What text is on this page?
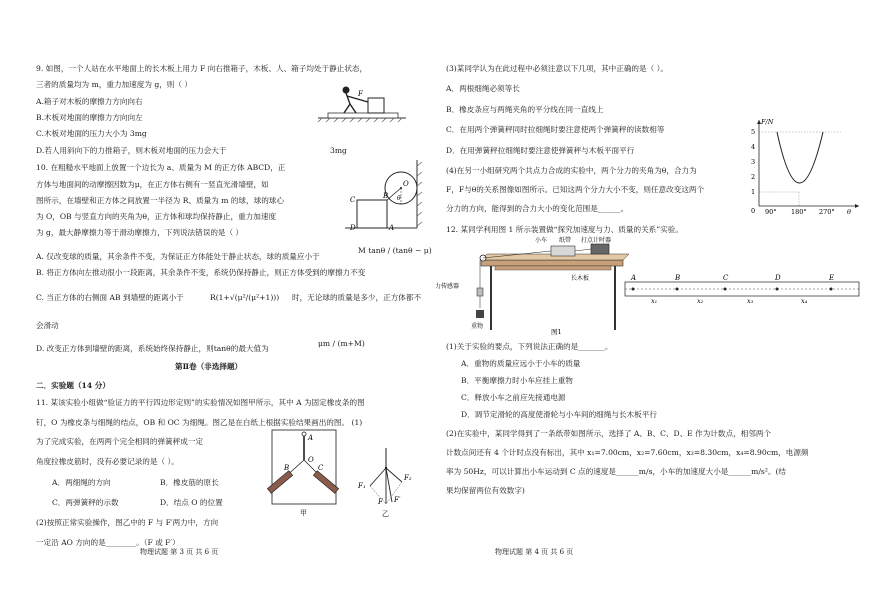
9. 如图，一个人站在水平地面上的长木板上用力 F 向右推箱子，木板、人、箱子均处于静止状态，
三者的质量均为 m，重力加速度为 g，则（ ）
A.箱子对木板的摩擦力方向向右
B.木板对地面的摩擦力方向向左
C.木板对地面的压力大小为 3mg
D.若人用斜向下的力推箱子，则木板对地面的压力会大于	3mg
F
10. 在粗糙水平地面上放置一个边长为 a、质量为 M 的正方体 ABCD，正
方体与地面间的动摩擦因数为μ，在正方体右侧有一竖直光滑墙壁，如
图所示，在墙壁和正方体之间放置一半径为 R、质量为 m 的球，球的球心
为 O，OB 与竖直方向的夹角为θ，正方体和球均保持静止，重力加速度
为 g，最大静摩擦力等于滑动摩擦力，下列说法错误的是（ ）
C
D
B
A
O
θ
A. 仅改变球的质量，其余条件不变，为保证正方体能处于静止状态，球的质量应小于
M tanθ / (tanθ − μ)
B. 将正方体向左推动很小一段距离，其余条件不变，系统仍保持静止，则正方体受到的摩擦力不变
C. 当正方体的右侧面 AB 到墙壁的距离小于	R(1+√(μ²/(μ²+1))) 时，无论球的质量是多少，正方体都不
会滑动
D. 改变正方体到墙壁的距离，系统始终保持静止，则tanθ的最大值为
μm / (m+M)
第Ⅱ卷（非选择题）
二．实验题（14 分）
11. 某该实验小组做“验证力的平行四边形定则”的实验情况如图甲所示，其中 A 为固定橡皮条的图
钉，O 为橡皮条与细绳的结点，OB 和 OC 为细绳。图乙是在白纸上根据实验结果画出的图。 (1)
为了完成实验，在两两个完全相同的弹簧秤成一定
角度拉橡皮筋时，没有必要记录的是（ ）。
A．两细绳的方向	B．橡皮筋的原长
C．两弹簧秤的示数	D．结点 O 的位置
(2)按照正常实验操作，图乙中的 F 与 F′两力中，方向
一定沿 AO 方向的是________。（F 或 F′）
A
O
B	C
甲
F₁
F
F₂
F′
乙
物理试题 第 3 页 共 6 页
(3)某同学认为在此过程中必须注意以下几项，其中正确的是（ ）。
A．两根细绳必须等长
B．橡皮条应与两绳夹角的平分线在同一直线上
C．在用两个弹簧秤同时拉细绳时要注意使两个弹簧秤的读数相等
D．在用弹簧秤拉细绳时要注意使弹簧秤与木板平面平行
(4)在另一小组研究两个共点力合成的实验中，两个分力的夹角为θ，合力为
F，F与θ的关系图像如图所示。已知这两个分力大小不变，则任意改变这两个
分力的方向，能得到的合力大小的变化范围是______。
F/N
5
4
3
2
1
0 90° 180° 270° θ
12. 某同学利用图 1 所示装置做“探究加速度与力、质量的关系”实验。
小车 纸带 打点计时器
力传感器
长木板
重物
图1
A	B	C	D	E
x₁	x₂	x₃	x₄
(1)关于实验的要点，下列说法正确的是_______。
A．重物的质量应远小于小车的质量
B．平衡摩擦力时小车应挂上重物
C．释放小车之前应先接通电源
D．调节定滑轮的高度使滑轮与小车间的细绳与长木板平行
(2)在实验中，某同学得到了一条纸带如图所示，选择了 A、B、C、D、E 作为计数点，相邻两个
计数点间还有 4 个计时点没有标出，其中 x₁=7.00cm，x₂=7.60cm，x₃=8.30cm，x₄=8.90cm，电源频
率为 50Hz，可以计算出小车运动到 C 点的速度是______m/s，小车的加速度大小是______m/s²。(结
果均保留两位有效数字)
物理试题 第 4 页 共 6 页
